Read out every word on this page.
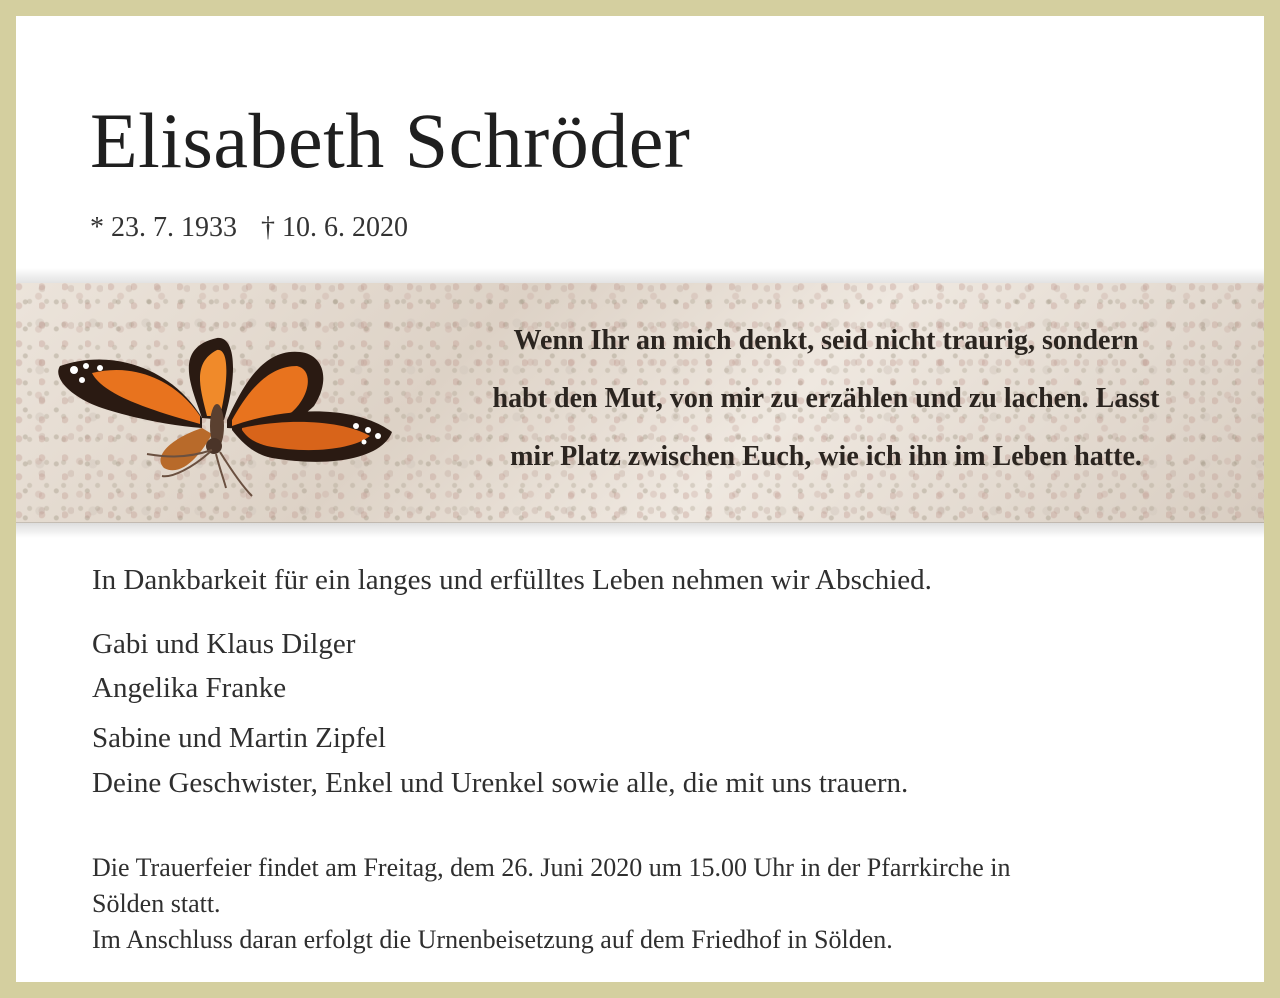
Elisabeth Schröder
* 23. 7. 1933 † 10. 6. 2020
Wenn Ihr an mich denkt, seid nicht traurig, sondern
habt den Mut, von mir zu erzählen und zu lachen. Lasst
mir Platz zwischen Euch, wie ich ihn im Leben hatte.
In Dankbarkeit für ein langes und erfülltes Leben nehmen wir Abschied.
Gabi und Klaus Dilger
Angelika Franke
Sabine und Martin Zipfel
Deine Geschwister, Enkel und Urenkel sowie alle, die mit uns trauern.
Die Trauerfeier findet am Freitag, dem 26. Juni 2020 um 15.00 Uhr in der Pfarrkirche in
Sölden statt.
Im Anschluss daran erfolgt die Urnenbeisetzung auf dem Friedhof in Sölden.
